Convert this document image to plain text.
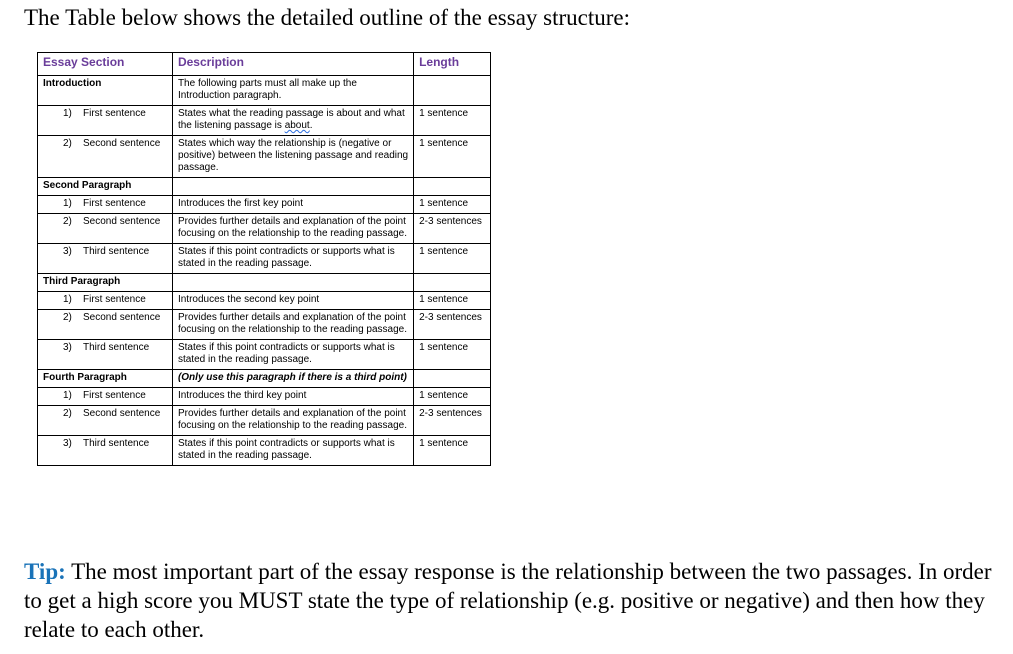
The Table below shows the detailed outline of the essay structure:
Essay Section	Description	Length
Introduction	The following parts must all make up the Introduction paragraph.	
1) First sentence	States what the reading passage is about and what the listening passage is about.	1 sentence
2) Second sentence	States which way the relationship is (negative or positive) between the listening passage and reading passage.	1 sentence
Second Paragraph		
1) First sentence	Introduces the first key point	1 sentence
2) Second sentence	Provides further details and explanation of the point focusing on the relationship to the reading passage.	2-3 sentences
3) Third sentence	States if this point contradicts or supports what is stated in the reading passage.	1 sentence
Third Paragraph		
1) First sentence	Introduces the second key point	1 sentence
2) Second sentence	Provides further details and explanation of the point focusing on the relationship to the reading passage.	2-3 sentences
3) Third sentence	States if this point contradicts or supports what is stated in the reading passage.	1 sentence
Fourth Paragraph	(Only use this paragraph if there is a third point)	
1) First sentence	Introduces the third key point	1 sentence
2) Second sentence	Provides further details and explanation of the point focusing on the relationship to the reading passage.	2-3 sentences
3) Third sentence	States if this point contradicts or supports what is stated in the reading passage.	1 sentence
Tip: The most important part of the essay response is the relationship between the two passages. In order to get a high score you MUST state the type of relationship (e.g. positive or negative) and then how they relate to each other.
